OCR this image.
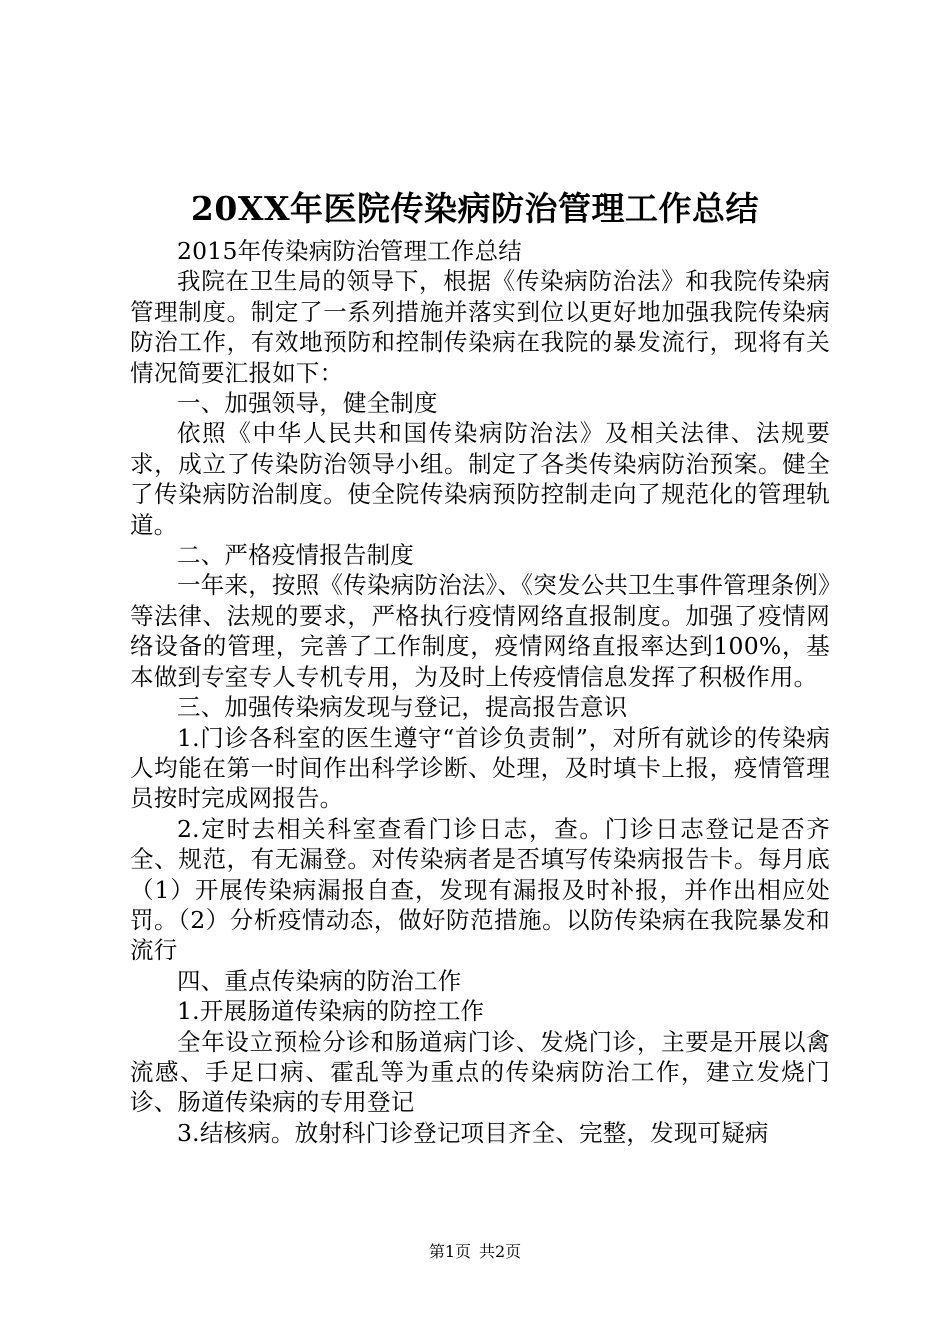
20XX年医院传染病防治管理工作总结

2015年传染病防治管理工作总结

我院在卫生局的领导下，根据《传染病防治法》和我院传染病管理制度。制定了一系列措施并落实到位以更好地加强我院传染病防治工作，有效地预防和控制传染病在我院的暴发流行，现将有关情况简要汇报如下：

一、加强领导，健全制度

依照《中华人民共和国传染病防治法》及相关法律、法规要求，成立了传染防治领导小组。制定了各类传染病防治预案。健全了传染病防治制度。使全院传染病预防控制走向了规范化的管理轨道。

二、严格疫情报告制度

一年来，按照《传染病防治法》、《突发公共卫生事件管理条例》等法律、法规的要求，严格执行疫情网络直报制度。加强了疫情网络设备的管理，完善了工作制度，疫情网络直报率达到100%，基本做到专室专人专机专用，为及时上传疫情信息发挥了积极作用。

三、加强传染病发现与登记，提高报告意识

1.门诊各科室的医生遵守“首诊负责制”，对所有就诊的传染病人均能在第一时间作出科学诊断、处理，及时填卡上报，疫情管理员按时完成网报告。

2.定时去相关科室查看门诊日志，查。门诊日志登记是否齐全、规范，有无漏登。对传染病者是否填写传染病报告卡。每月底（1）开展传染病漏报自查，发现有漏报及时补报，并作出相应处罚。（2）分析疫情动态，做好防范措施。以防传染病在我院暴发和流行

四、重点传染病的防治工作

1.开展肠道传染病的防控工作

全年设立预检分诊和肠道病门诊、发烧门诊，主要是开展以禽流感、手足口病、霍乱等为重点的传染病防治工作，建立发烧门诊、肠道传染病的专用登记

3.结核病。放射科门诊登记项目齐全、完整，发现可疑病

第1页 共2页
